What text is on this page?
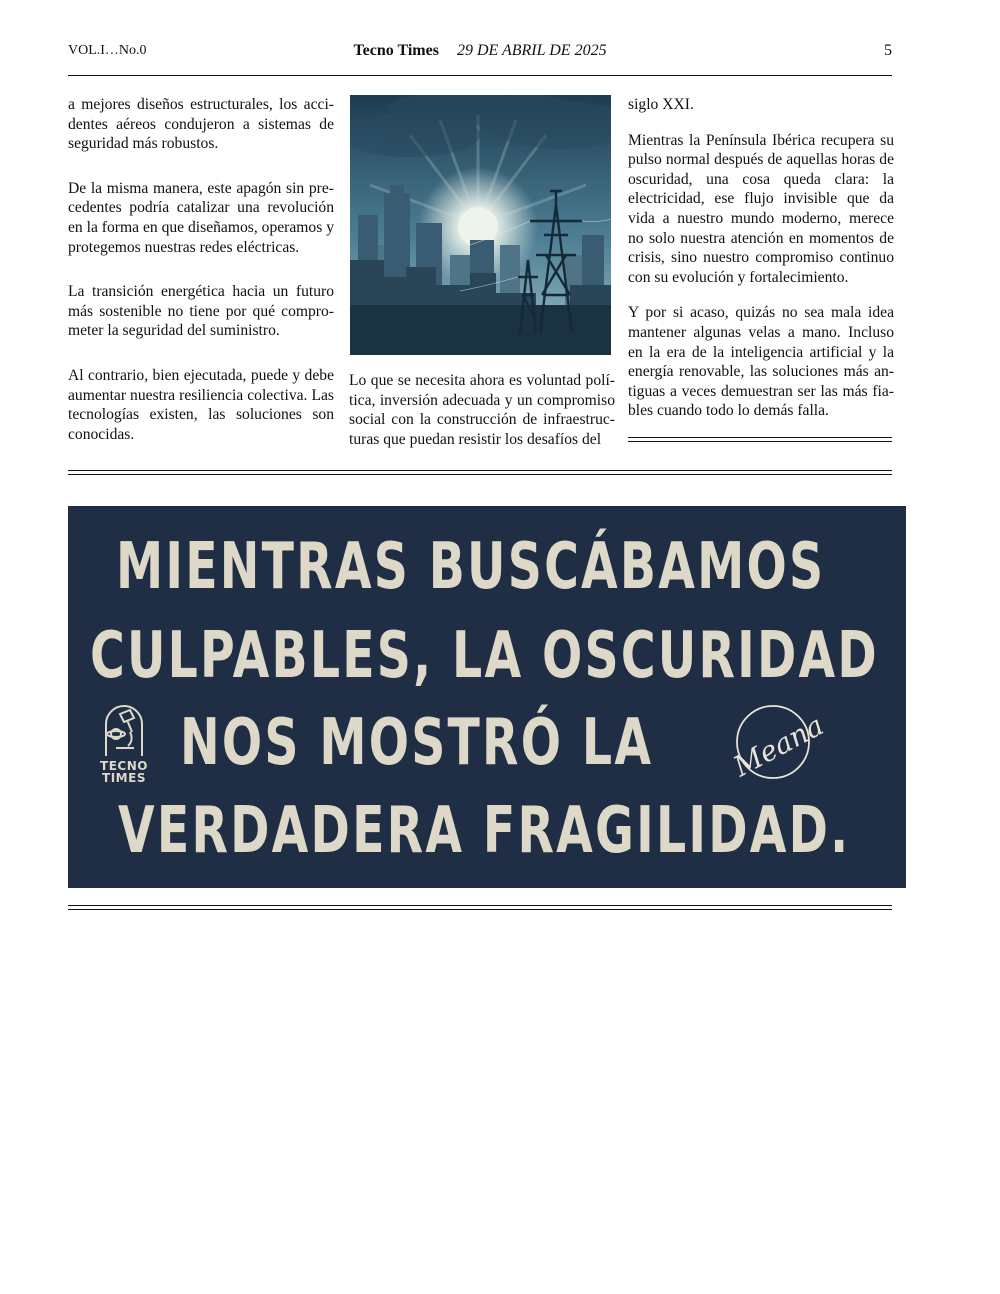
VOL.I…No.0	Tecno Times 29 DE ABRIL DE 2025	5

a mejores diseños estructurales, los accidentes aéreos condujeron a sistemas de seguridad más robustos.

De la misma manera, este apagón sin precedentes podría catalizar una revolución en la forma en que diseñamos, operamos y protegemos nuestras redes eléctricas.

La transición energética hacia un futuro más sostenible no tiene por qué comprometer la seguridad del suministro.

Al contrario, bien ejecutada, puede y debe aumentar nuestra resiliencia colectiva. Las tecnologías existen, las soluciones son conocidas.

Lo que se necesita ahora es voluntad política, inversión adecuada y un compromiso social con la construcción de infraestructuras que puedan resistir los desafíos del

siglo XXI.

Mientras la Península Ibérica recupera su pulso normal después de aquellas horas de oscuridad, una cosa queda clara: la electricidad, ese flujo invisible que da vida a nuestro mundo moderno, merece no solo nuestra atención en momentos de crisis, sino nuestro compromiso continuo con su evolución y fortalecimiento.

Y por si acaso, quizás no sea mala idea mantener algunas velas a mano. Incluso en la era de la inteligencia artificial y la energía renovable, las soluciones más antiguas a veces demuestran ser las más fiables cuando todo lo demás falla.

MIENTRAS BUSCÁBAMOS
CULPABLES, LA OSCURIDAD
NOS MOSTRÓ LA
VERDADERA FRAGILIDAD.
TECNO
TIMES	Meana
